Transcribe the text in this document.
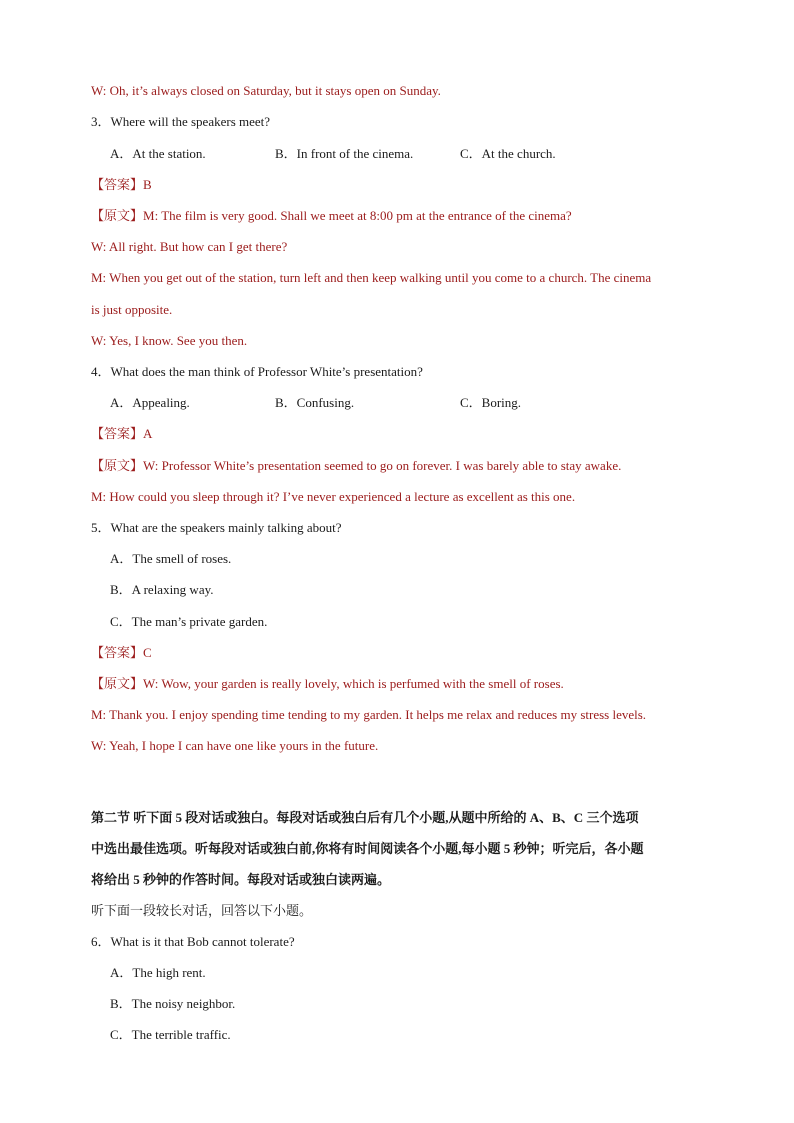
W: Oh, it’s always closed on Saturday, but it stays open on Sunday.
3．Where will the speakers meet?
A．At the station.	B．In front of the cinema.	C．At the church.
【答案】B
【原文】M: The film is very good. Shall we meet at 8:00 pm at the entrance of the cinema?
W: All right. But how can I get there?
M: When you get out of the station, turn left and then keep walking until you come to a church. The cinema
is just opposite.
W: Yes, I know. See you then.
4．What does the man think of Professor White’s presentation?
A．Appealing.	B．Confusing.	C．Boring.
【答案】A
【原文】W: Professor White’s presentation seemed to go on forever. I was barely able to stay awake.
M: How could you sleep through it? I’ve never experienced a lecture as excellent as this one.
5．What are the speakers mainly talking about?
A．The smell of roses.
B．A relaxing way.
C．The man’s private garden.
【答案】C
【原文】W: Wow, your garden is really lovely, which is perfumed with the smell of roses.
M: Thank you. I enjoy spending time tending to my garden. It helps me relax and reduces my stress levels.
W: Yeah, I hope I can have one like yours in the future.
第二节 听下面 5 段对话或独白。每段对话或独白后有几个小题,从题中所给的 A、B、C 三个选项
中选出最佳选项。听每段对话或独白前,你将有时间阅读各个小题,每小题 5 秒钟；听完后，各小题
将给出 5 秒钟的作答时间。每段对话或独白读两遍。
听下面一段较长对话，回答以下小题。
6．What is it that Bob cannot tolerate?
A．The high rent.
B．The noisy neighbor.
C．The terrible traffic.
